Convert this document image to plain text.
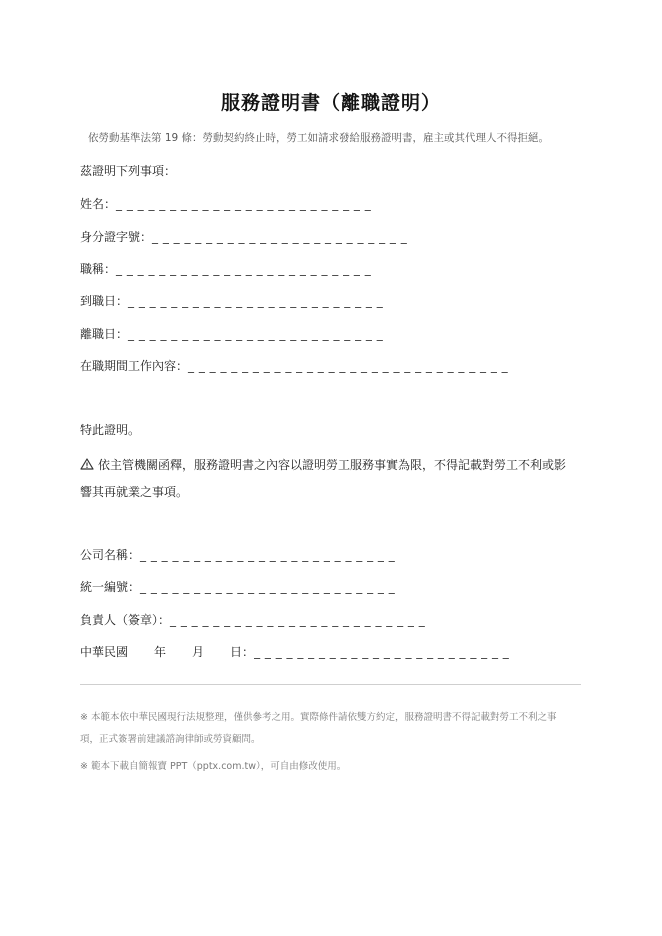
服務證明書（離職證明）
依勞動基準法第 19 條：勞動契約終止時，勞工如請求發給服務證明書，雇主或其代理人不得拒絕。
茲證明下列事項：
姓名：_ _ _ _ _ _ _ _ _ _ _ _ _ _ _ _ _ _ _ _ _ _ _ _
身分證字號：_ _ _ _ _ _ _ _ _ _ _ _ _ _ _ _ _ _ _ _ _ _ _ _
職稱：_ _ _ _ _ _ _ _ _ _ _ _ _ _ _ _ _ _ _ _ _ _ _ _
到職日：_ _ _ _ _ _ _ _ _ _ _ _ _ _ _ _ _ _ _ _ _ _ _ _
離職日：_ _ _ _ _ _ _ _ _ _ _ _ _ _ _ _ _ _ _ _ _ _ _ _
在職期間工作內容：_ _ _ _ _ _ _ _ _ _ _ _ _ _ _ _ _ _ _ _ _ _ _ _ _ _ _ _ _ _
特此證明。
依主管機關函釋，服務證明書之內容以證明勞工服務事實為限，不得記載對勞工不利或影
響其再就業之事項。
公司名稱：_ _ _ _ _ _ _ _ _ _ _ _ _ _ _ _ _ _ _ _ _ _ _ _
統一編號：_ _ _ _ _ _ _ _ _ _ _ _ _ _ _ _ _ _ _ _ _ _ _ _
負責人（簽章）：_ _ _ _ _ _ _ _ _ _ _ _ _ _ _ _ _ _ _ _ _ _ _ _
中華民國 年 月 日：_ _ _ _ _ _ _ _ _ _ _ _ _ _ _ _ _ _ _ _ _ _ _ _
※ 本範本依中華民國現行法規整理，僅供參考之用。實際條件請依雙方約定，服務證明書不得記載對勞工不利之事
項，正式簽署前建議諮詢律師或勞資顧問。
※ 範本下載自簡報寶 PPT（pptx.com.tw），可自由修改使用。
